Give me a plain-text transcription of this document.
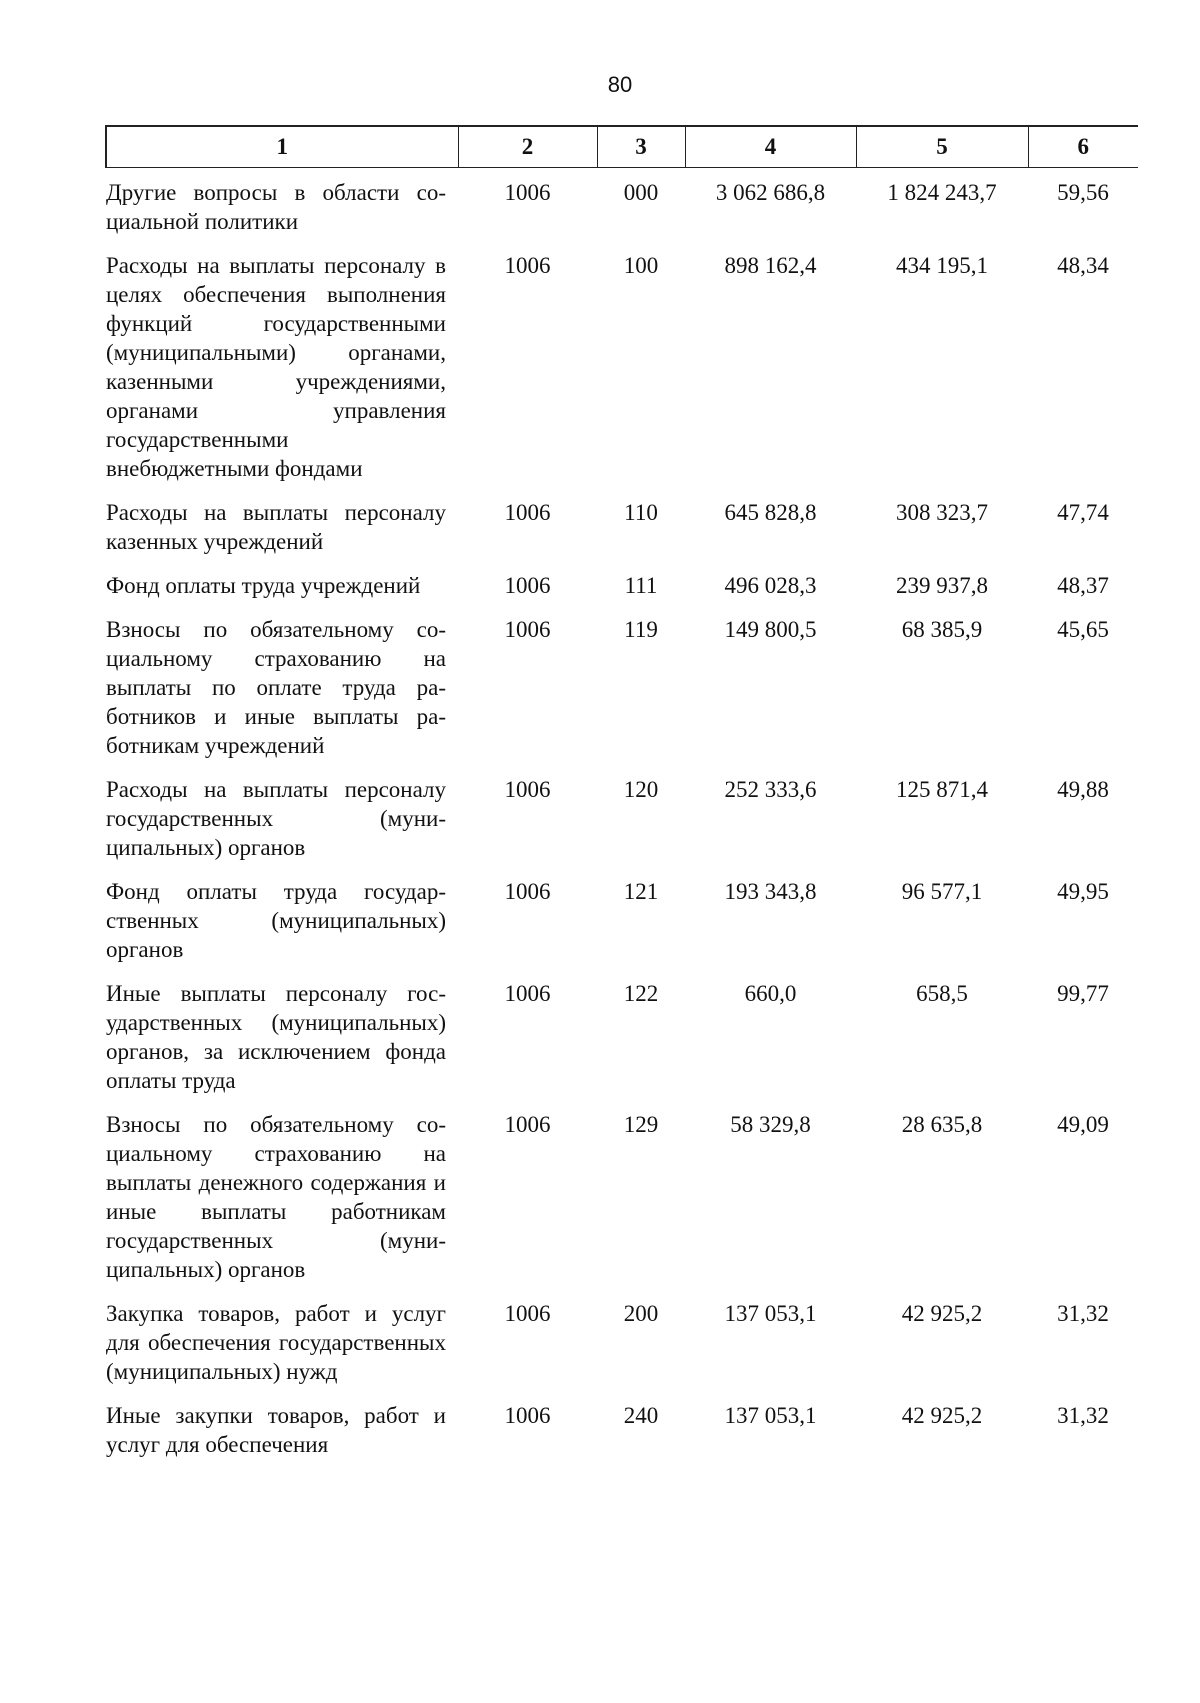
80
1	2	3	4	5	6
Другие вопросы в области социальной политики	1006	000	3 062 686,8	1 824 243,7	59,56
Расходы на выплаты персоналу в целях обеспечения выполнения функций государственными (муниципальными) органами, казенными учреждениями, органами управления государственными внебюджетными фондами	1006	100	898 162,4	434 195,1	48,34
Расходы на выплаты персоналу казенных учреждений	1006	110	645 828,8	308 323,7	47,74
Фонд оплаты труда учреждений	1006	111	496 028,3	239 937,8	48,37
Взносы по обязательному социальному страхованию на выплаты по оплате труда работников и иные выплаты работникам учреждений	1006	119	149 800,5	68 385,9	45,65
Расходы на выплаты персоналу государственных (муниципальных) органов	1006	120	252 333,6	125 871,4	49,88
Фонд оплаты труда государственных (муниципальных) органов	1006	121	193 343,8	96 577,1	49,95
Иные выплаты персоналу государственных (муниципальных) органов, за исключением фонда оплаты труда	1006	122	660,0	658,5	99,77
Взносы по обязательному социальному страхованию на выплаты денежного содержания и иные выплаты работникам государственных (муниципальных) органов	1006	129	58 329,8	28 635,8	49,09
Закупка товаров, работ и услуг для обеспечения государственных (муниципальных) нужд	1006	200	137 053,1	42 925,2	31,32
Иные закупки товаров, работ и услуг для обеспечения	1006	240	137 053,1	42 925,2	31,32
